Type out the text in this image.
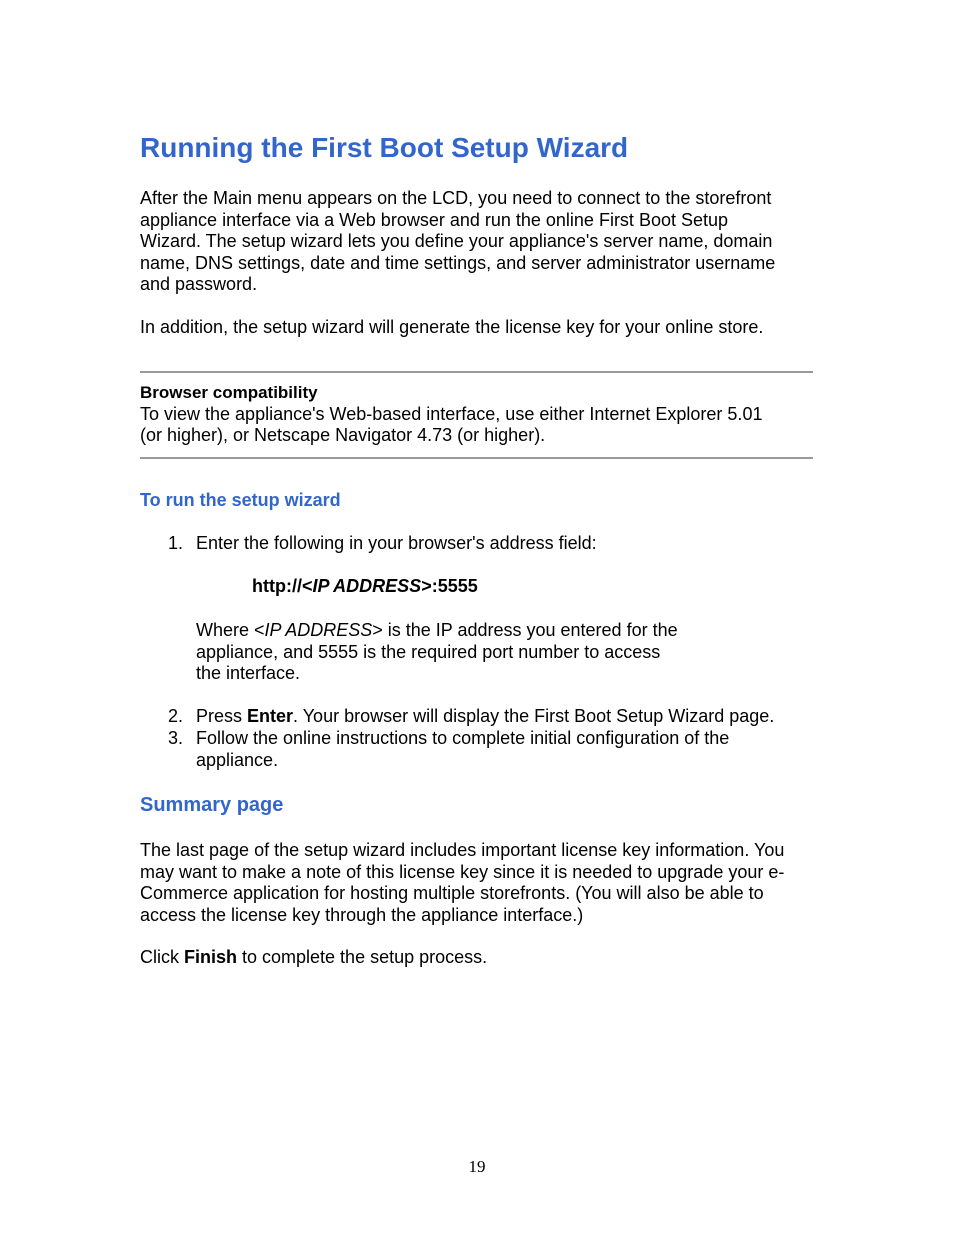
Running the First Boot Setup Wizard

After the Main menu appears on the LCD, you need to connect to the storefront

appliance interface via a Web browser and run the online First Boot Setup

Wizard. The setup wizard lets you define your appliance's server name, domain

name, DNS settings, date and time settings, and server administrator username

and password.

In addition, the setup wizard will generate the license key for your online store.

Browser compatibility

To view the appliance's Web-based interface, use either Internet Explorer 5.01

(or higher), or Netscape Navigator 4.73 (or higher).

To run the setup wizard
1. Enter the following in your browser's address field:

http://<IP ADDRESS>:5555

Where <IP ADDRESS> is the IP address you entered for the

appliance, and 5555 is the required port number to access

the interface.

2. Press Enter. Your browser will display the First Boot Setup Wizard page.

3. Follow the online instructions to complete initial configuration of the

appliance.

Summary page

The last page of the setup wizard includes important license key information. You

may want to make a note of this license key since it is needed to upgrade your e-

Commerce application for hosting multiple storefronts. (You will also be able to

access the license key through the appliance interface.)

Click Finish to complete the setup process.

19
